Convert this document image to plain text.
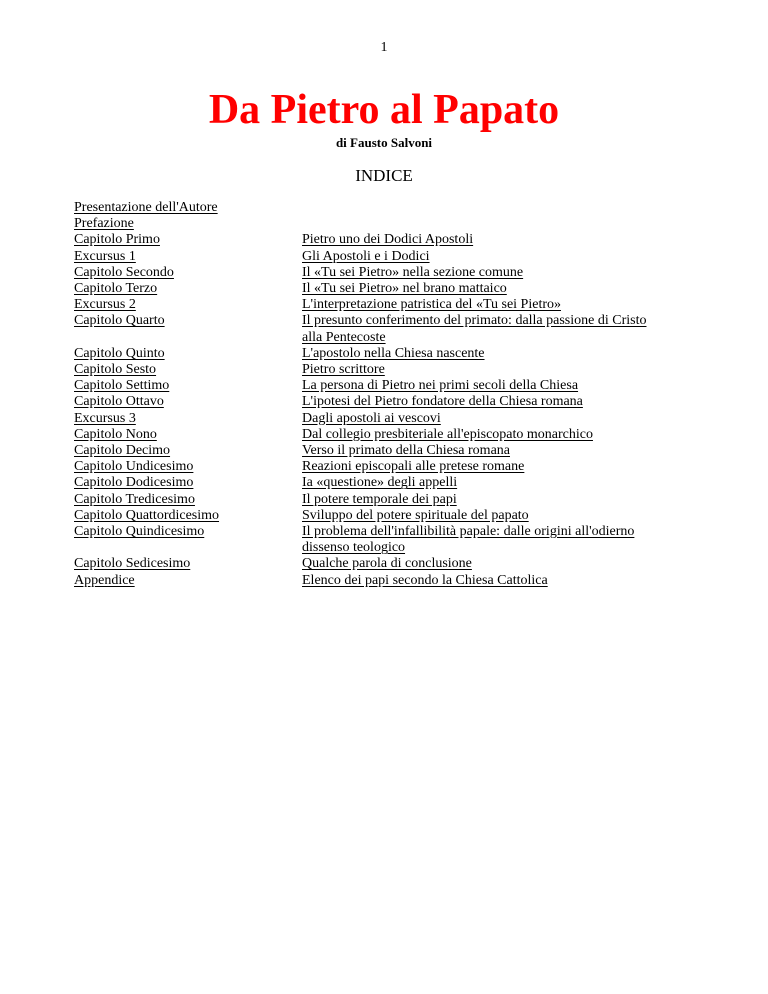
1
Da Pietro al Papato
di Fausto Salvoni
INDICE
Presentazione dell'Autore
Prefazione
Capitolo Primo	Pietro uno dei Dodici Apostoli
Excursus 1	Gli Apostoli e i Dodici
Capitolo Secondo	Il «Tu sei Pietro» nella sezione comune
Capitolo Terzo	Il «Tu sei Pietro» nel brano mattaico
Excursus 2	L'interpretazione patristica del «Tu sei Pietro»
Capitolo Quarto	Il presunto conferimento del primato: dalla passione di Cristo
alla Pentecoste
Capitolo Quinto	L'apostolo nella Chiesa nascente
Capitolo Sesto	Pietro scrittore
Capitolo Settimo	La persona di Pietro nei primi secoli della Chiesa
Capitolo Ottavo	L'ipotesi del Pietro fondatore della Chiesa romana
Excursus 3	Dagli apostoli ai vescovi
Capitolo Nono	Dal collegio presbiteriale all'episcopato monarchico
Capitolo Decimo	Verso il primato della Chiesa romana
Capitolo Undicesimo	Reazioni episcopali alle pretese romane
Capitolo Dodicesimo	Ia «questione» degli appelli
Capitolo Tredicesimo	Il potere temporale dei papi
Capitolo Quattordicesimo	Sviluppo del potere spirituale del papato
Capitolo Quindicesimo	Il problema dell'infallibilità papale: dalle origini all'odierno
dissenso teologico
Capitolo Sedicesimo	Qualche parola di conclusione
Appendice	Elenco dei papi secondo la Chiesa Cattolica
